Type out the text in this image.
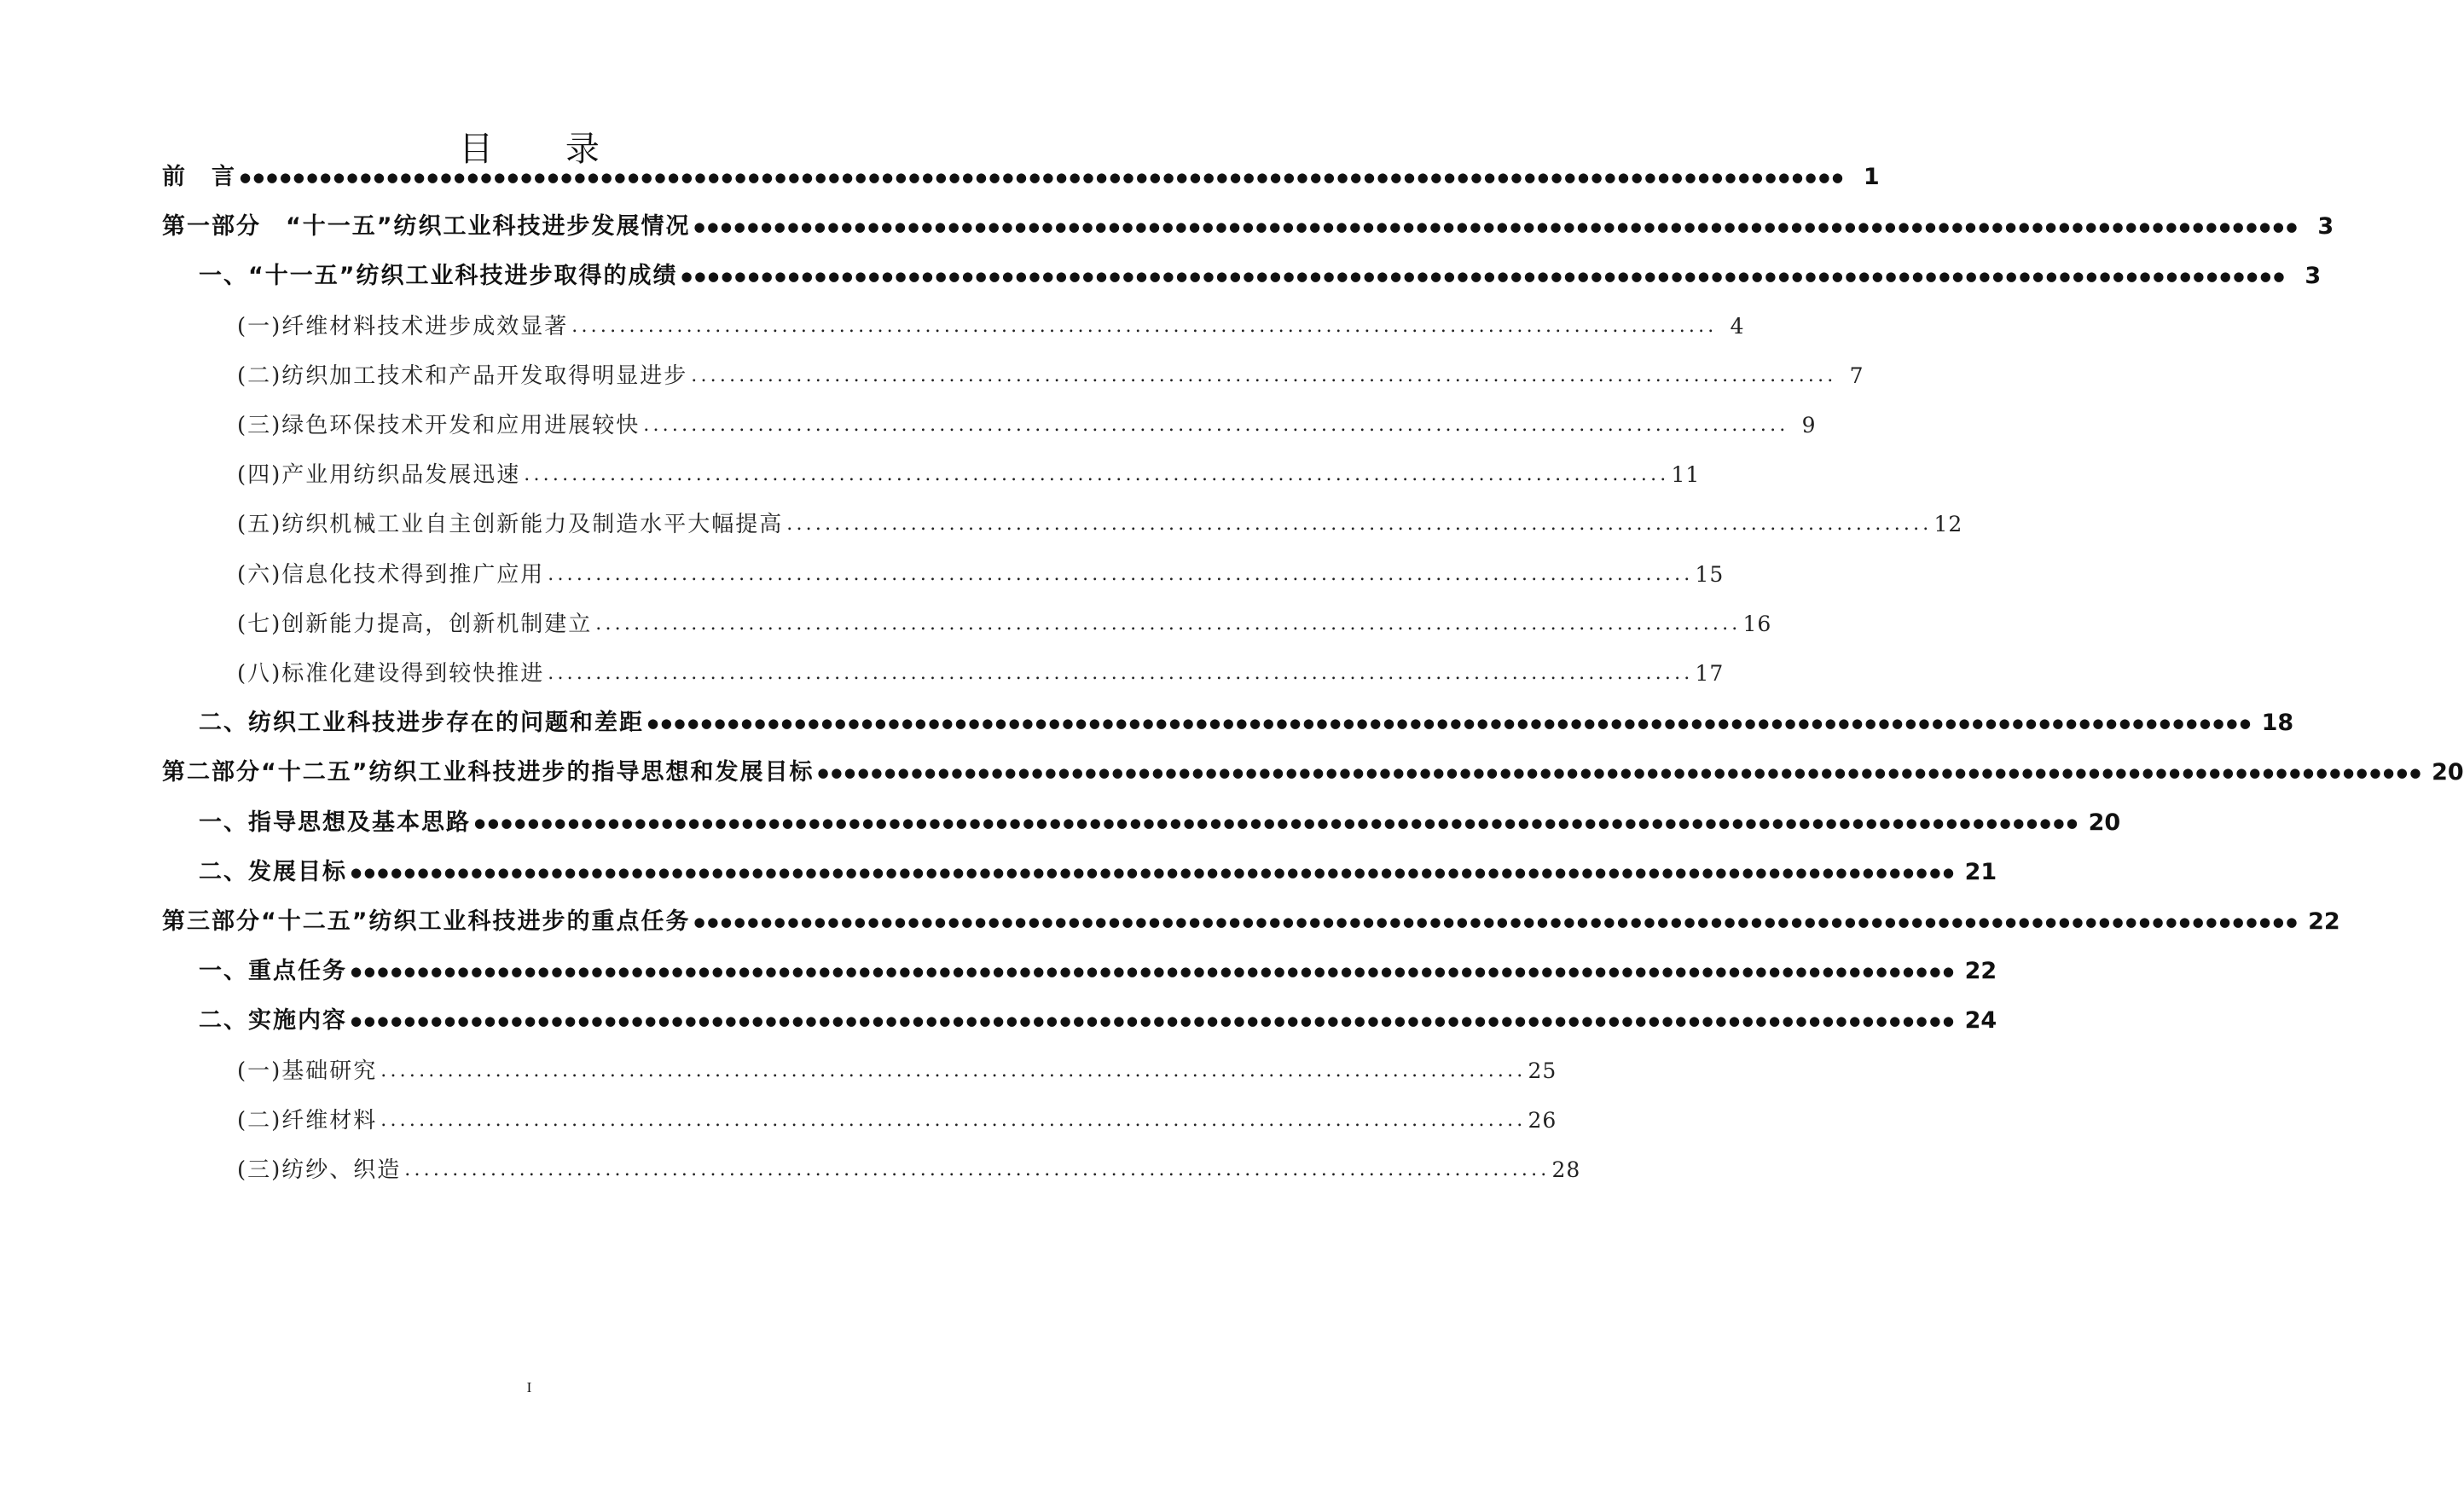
目 录
前　言 ●●●●●●●●●●●●●●●●●●●●●●●●●●●●●●●●●●●●●●●●●●●●●●●●●●●●●●●●●●●●●●●●●●●●●●●●●●●●●●●●●●●●●●●●●●●●●●●●●●●●●●●●●●●●●●●●●●●●●●●● 1
第一部分　“十一五”纺织工业科技进步发展情况 ●●●●●●●●●●●●●●●●●●●●●●●●●●●●●●●●●●●●●●●●●●●●●●●●●●●●●●●●●●●●●●●●●●●●●●●●●●●●●●●●●●●●●●●●●●●●●●●●●●●●●●●●●●●●●●●●●●●●●●●● 3
一、“十一五”纺织工业科技进步取得的成绩 ●●●●●●●●●●●●●●●●●●●●●●●●●●●●●●●●●●●●●●●●●●●●●●●●●●●●●●●●●●●●●●●●●●●●●●●●●●●●●●●●●●●●●●●●●●●●●●●●●●●●●●●●●●●●●●●●●●●●●●●● 3
(一)纤维材料技术进步成效显著 ........................................................................................................................ 4
(二)纺织加工技术和产品开发取得明显进步 ........................................................................................................................ 7
(三)绿色环保技术开发和应用进展较快 ........................................................................................................................ 9
(四)产业用纺织品发展迅速 ........................................................................................................................ 11
(五)纺织机械工业自主创新能力及制造水平大幅提高 ........................................................................................................................ 12
(六)信息化技术得到推广应用 ........................................................................................................................ 15
(七)创新能力提高，创新机制建立 ........................................................................................................................ 16
(八)标准化建设得到较快推进 ........................................................................................................................ 17
二、纺织工业科技进步存在的问题和差距 ●●●●●●●●●●●●●●●●●●●●●●●●●●●●●●●●●●●●●●●●●●●●●●●●●●●●●●●●●●●●●●●●●●●●●●●●●●●●●●●●●●●●●●●●●●●●●●●●●●●●●●●●●●●●●●●●●●●●●●●● 18
第二部分“十二五”纺织工业科技进步的指导思想和发展目标 ●●●●●●●●●●●●●●●●●●●●●●●●●●●●●●●●●●●●●●●●●●●●●●●●●●●●●●●●●●●●●●●●●●●●●●●●●●●●●●●●●●●●●●●●●●●●●●●●●●●●●●●●●●●●●●●●●●●●●●●● 20
一、指导思想及基本思路 ●●●●●●●●●●●●●●●●●●●●●●●●●●●●●●●●●●●●●●●●●●●●●●●●●●●●●●●●●●●●●●●●●●●●●●●●●●●●●●●●●●●●●●●●●●●●●●●●●●●●●●●●●●●●●●●●●●●●●●●● 20
二、发展目标 ●●●●●●●●●●●●●●●●●●●●●●●●●●●●●●●●●●●●●●●●●●●●●●●●●●●●●●●●●●●●●●●●●●●●●●●●●●●●●●●●●●●●●●●●●●●●●●●●●●●●●●●●●●●●●●●●●●●●●●●● 21
第三部分“十二五”纺织工业科技进步的重点任务 ●●●●●●●●●●●●●●●●●●●●●●●●●●●●●●●●●●●●●●●●●●●●●●●●●●●●●●●●●●●●●●●●●●●●●●●●●●●●●●●●●●●●●●●●●●●●●●●●●●●●●●●●●●●●●●●●●●●●●●●● 22
一、重点任务 ●●●●●●●●●●●●●●●●●●●●●●●●●●●●●●●●●●●●●●●●●●●●●●●●●●●●●●●●●●●●●●●●●●●●●●●●●●●●●●●●●●●●●●●●●●●●●●●●●●●●●●●●●●●●●●●●●●●●●●●● 22
二、实施内容 ●●●●●●●●●●●●●●●●●●●●●●●●●●●●●●●●●●●●●●●●●●●●●●●●●●●●●●●●●●●●●●●●●●●●●●●●●●●●●●●●●●●●●●●●●●●●●●●●●●●●●●●●●●●●●●●●●●●●●●●● 24
(一)基础研究 ........................................................................................................................ 25
(二)纤维材料 ........................................................................................................................ 26
(三)纺纱、织造 ........................................................................................................................ 28
I
